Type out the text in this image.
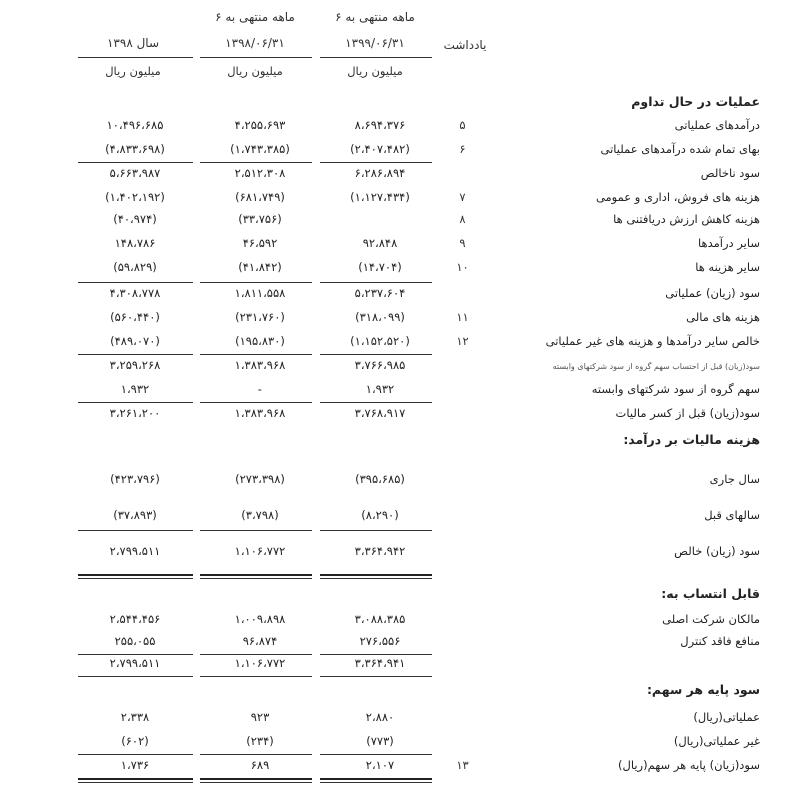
۶ ماهه منتهی به
۶ ماهه منتهی به
۱۳۹۹/۰۶/۳۱
۱۳۹۸/۰۶/۳۱
سال ۱۳۹۸	یادداشت
میلیون ریال
میلیون ریال
میلیون ریال
عملیات در حال تداوم
درآمدهای عملیاتی
۵
۸،۶۹۴،۳۷۶
۴،۲۵۵،۶۹۳
۱۰،۴۹۶،۶۸۵
بهای تمام شده درآمدهای عملیاتی
۶
(۲،۴۰۷،۴۸۲)
(۱،۷۴۳،۳۸۵)
(۴،۸۳۳،۶۹۸)
سود ناخالص
۶،۲۸۶،۸۹۴
۲،۵۱۲،۳۰۸
۵،۶۶۳،۹۸۷
هزینه های فروش، اداری و عمومی
۷
(۱،۱۲۷،۴۳۴)
(۶۸۱،۷۴۹)
(۱،۴۰۲،۱۹۲)
هزینه کاهش ارزش دریافتنی ها
۸
(۳۳،۷۵۶)
(۴۰،۹۷۴)
سایر درآمدها
۹
۹۲،۸۴۸
۴۶،۵۹۲
۱۴۸،۷۸۶
سایر هزینه ها
۱۰
(۱۴،۷۰۴)
(۴۱،۸۴۲)
(۵۹،۸۲۹)
سود (زیان) عملیاتی
۵،۲۳۷،۶۰۴
۱،۸۱۱،۵۵۸
۴،۳۰۸،۷۷۸
هزینه های مالی
۱۱
(۳۱۸،۰۹۹)
(۲۳۱،۷۶۰)
(۵۶۰،۴۴۰)
خالص سایر درآمدها و هزینه های غیر عملیاتی
۱۲
(۱،۱۵۲،۵۲۰)
(۱۹۵،۸۳۰)
(۴۸۹،۰۷۰)
سود(زیان) قبل از احتساب سهم گروه از سود شرکتهای وابسته
۳،۷۶۶،۹۸۵
۱،۳۸۳،۹۶۸
۳،۲۵۹،۲۶۸
سهم گروه از سود شرکتهای وابسته
۱،۹۳۲
-
۱،۹۳۲
سود(زیان) قبل از کسر مالیات
۳،۷۶۸،۹۱۷
۱،۳۸۳،۹۶۸
۳،۲۶۱،۲۰۰
هزینه مالیات بر درآمد:
سال جاری
(۳۹۵،۶۸۵)
(۲۷۳،۳۹۸)
(۴۲۳،۷۹۶)
سالهای قبل
(۸،۲۹۰)
(۳،۷۹۸)
(۳۷،۸۹۳)
سود (زیان) خالص
۳،۳۶۴،۹۴۲
۱،۱۰۶،۷۷۲
۲،۷۹۹،۵۱۱
قابل انتساب به:
مالکان شرکت اصلی
۳،۰۸۸،۳۸۵
۱،۰۰۹،۸۹۸
۲،۵۴۴،۴۵۶
منافع فاقد کنترل
۲۷۶،۵۵۶
۹۶،۸۷۴
۲۵۵،۰۵۵
۳،۳۶۴،۹۴۱
۱،۱۰۶،۷۷۲
۲،۷۹۹،۵۱۱
سود پایه هر سهم:
عملیاتی(ریال)
۲،۸۸۰
۹۲۳
۲،۳۳۸
غیر عملیاتی(ریال)
(۷۷۳)
(۲۳۴)
(۶۰۲)
سود(زیان) پایه هر سهم(ریال)
۱۳
۲،۱۰۷
۶۸۹
۱،۷۳۶
